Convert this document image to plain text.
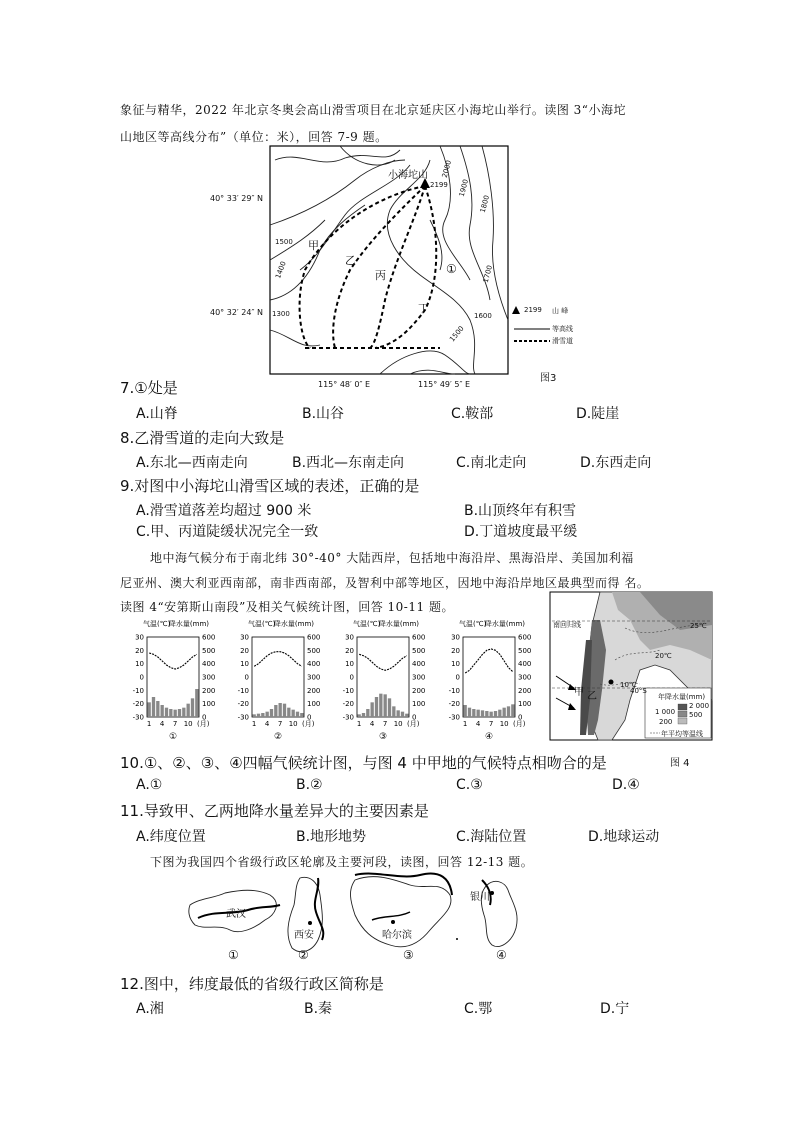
象征与精华，2022 年北京冬奥会高山滑雪项目在北京延庆区小海坨山举行。读图 3“小海坨
山地区等高线分布”（单位：米），回答 7-9 题。
小海坨山
2199
40° 33′ 29″ N
40° 32′ 24″ N
115° 48′ 0″ E	115° 49′ 5″ E
2000
1900
1800
1700
1600
1500
1500
1400
1300
甲
乙
丙
丁
①
2199 山 峰
等高线
滑雪道
图3
7.①处是
A.山脊	B.山谷	C.鞍部	D.陡崖
8.乙滑雪道的走向大致是
A.东北—西南走向	B.西北—东南走向	C.南北走向	D.东西走向
9.对图中小海坨山滑雪区域的表述，正确的是
A.滑雪道落差均超过 900 米	B.山顶终年有积雪
C.甲、丙道陡缓状况完全一致	D.丁道坡度最平缓
地中海气候分布于南北纬 30°-40° 大陆西岸，包括地中海沿岸、黑海沿岸、美国加利福
尼亚州、澳大利亚西南部，南非西南部，及智利中部等地区，因地中海沿岸地区最典型而得 名。
读图 4“安第斯山南段”及相关气候统计图，回答 10-11 题。
气温(℃)
降水量(mm)
30	600
20	500
10	400
0	300
-10	200
-20	100
-30	0
1 4 7 10 (月)
①
气温(℃)
降水量(mm)
30	600
20	500
10	400
0	300
-10	200
-20	100
-30	0
1 4 7 10 (月)
②
气温(℃)
降水量(mm)
30	600
20	500
10	400
0	300
-10	200
-20	100
-30	0
1 4 7 10 (月)
③
气温(℃)
降水量(mm)
30	600
20	500
10	400
0	300
-10	200
-20	100
-30	0
1 4 7 10 (月)
④
南回归线	25℃
20℃
10℃
40°S
甲 乙	年降水量(mm)
2 000
1 000 500
200
年平均等温线
图 4
10.①、②、③、④四幅气候统计图，与图 4 中甲地的气候特点相吻合的是
A.①	B.②	C.③	D.④
11.导致甲、乙两地降水量差异大的主要因素是
A.纬度位置	B.地形地势	C.海陆位置	D.地球运动
下图为我国四个省级行政区轮廓及主要河段，读图，回答 12-13 题。
武汉
①
西安
②
哈尔滨
③
银川
④
12.图中，纬度最低的省级行政区简称是
A.湘	B.秦	C.鄂	D.宁
